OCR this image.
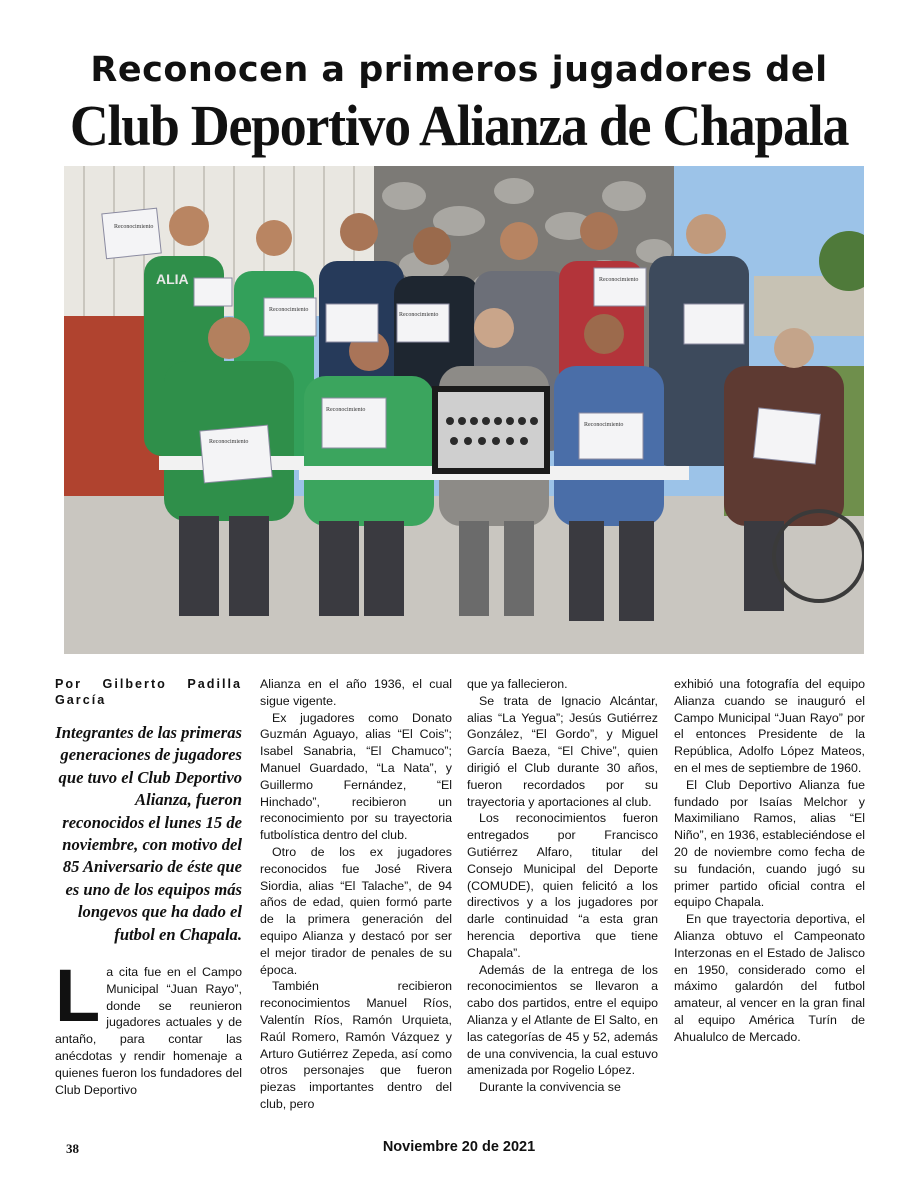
Reconocen a primeros jugadores del
Club Deportivo Alianza de Chapala
Reconocimiento
Reconocimiento
Reconocimiento
Reconocimiento
Reconocimiento
Reconocimiento
Reconocimiento
ALIA
Por Gilberto Padilla García
Integrantes de las primeras generaciones de jugadores que tuvo el Club Deportivo Alianza, fueron reconocidos el lunes 15 de noviembre, con motivo del 85 Aniversario de éste que es uno de los equipos más longevos que ha dado el futbol en Chapala.
L a cita fue en el Campo Municipal “Juan Rayo”, donde se reunieron jugadores actuales y de antaño, para contar las anécdotas y rendir homenaje a quienes fueron los fundadores del Club Deportivo

Alianza en el año 1936, el cual sigue vigente.

Ex jugadores como Donato Guzmán Aguayo, alias “El Cois”; Isabel Sanabria, “El Chamuco”; Manuel Guardado, “La Nata”, y Guillermo Fernández, “El Hinchado”, recibieron un reconocimiento por su trayectoria futbolística dentro del club.

Otro de los ex jugadores reconocidos fue José Rivera Siordia, alias “El Talache”, de 94 años de edad, quien formó parte de la primera generación del equipo Alianza y destacó por ser el mejor tirador de penales de su época.

También recibieron reconocimientos Manuel Ríos, Valentín Ríos, Ramón Urquieta, Raúl Romero, Ramón Vázquez y Arturo Gutiérrez Zepeda, así como otros personajes que fueron piezas importantes dentro del club, pero

que ya fallecieron.

Se trata de Ignacio Alcántar, alias “La Yegua”; Jesús Gutiérrez González, “El Gordo”, y Miguel García Baeza, “El Chive”, quien dirigió el Club durante 30 años, fueron recordados por su trayectoria y aportaciones al club.

Los reconocimientos fueron entregados por Francisco Gutiérrez Alfaro, titular del Consejo Municipal del Deporte (COMUDE), quien felicitó a los directivos y a los jugadores por darle continuidad “a esta gran herencia deportiva que tiene Chapala”.

Además de la entrega de los reconocimientos se llevaron a cabo dos partidos, entre el equipo Alianza y el Atlante de El Salto, en las categorías de 45 y 52, además de una convivencia, la cual estuvo amenizada por Rogelio López.

Durante la convivencia se

exhibió una fotografía del equipo Alianza cuando se inauguró el Campo Municipal “Juan Rayo” por el entonces Presidente de la República, Adolfo López Mateos, en el mes de septiembre de 1960.

El Club Deportivo Alianza fue fundado por Isaías Melchor y Maximiliano Ramos, alias “El Niño”, en 1936, estableciéndose el 20 de noviembre como fecha de su fundación, cuando jugó su primer partido oficial contra el equipo Chapala.

En que trayectoria deportiva, el Alianza obtuvo el Campeonato Interzonas en el Estado de Jalisco en 1950, considerado como el máximo galardón del futbol amateur, al vencer en la gran final al equipo América Turín de Ahualulco de Mercado.

38	Noviembre 20 de 2021
